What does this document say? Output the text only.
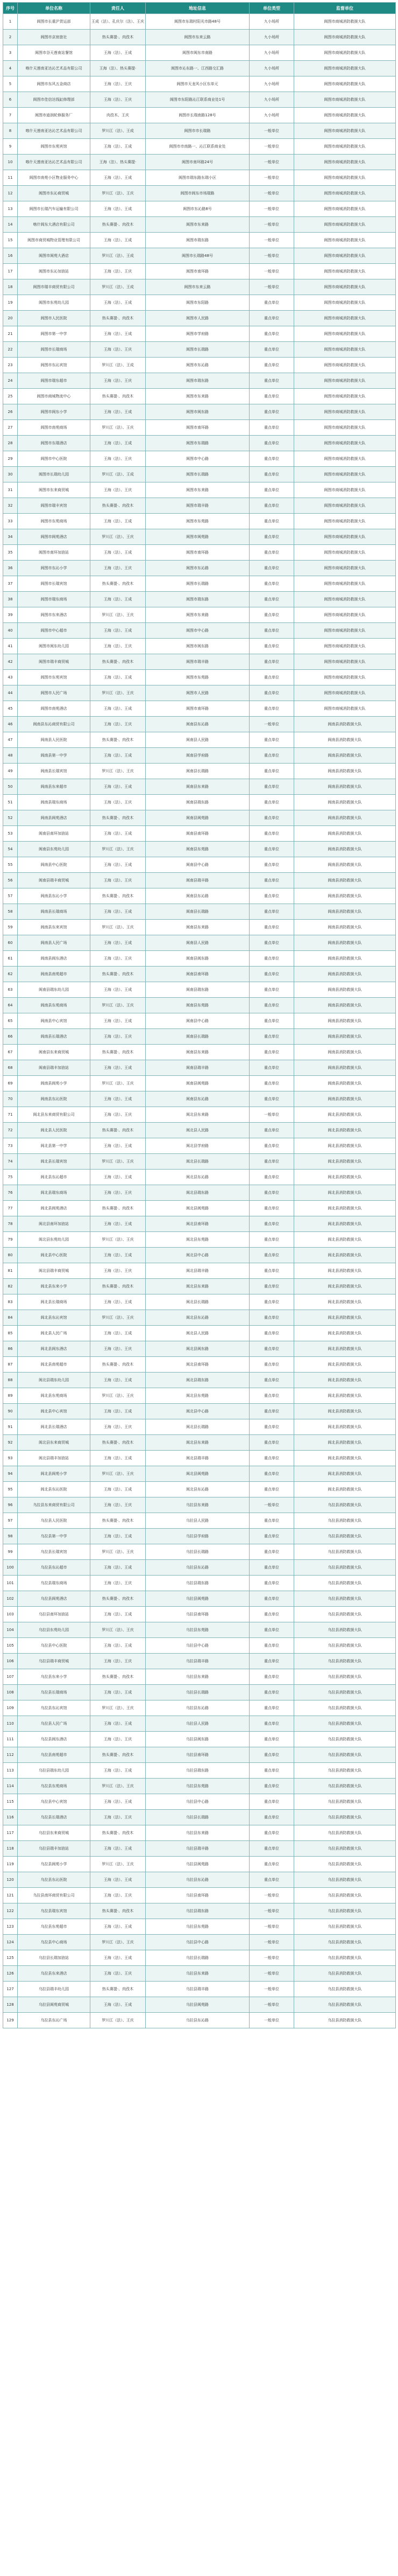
序号	单位名称	责任人	地址信息	单位类型	监督单位
1	阆图市长重沪货运部	王成（法）、孔庆尔（法）、王庆	阆图市东瑞村阳光市路48号	九小场所	阆图市商城消防救援大队
2	阆图市京宸旅社	热头赛提·、肉孜木	阆图市东来云路	九小场所	阆图市商城消防救援大队
3	阆图市谷天莲南站餐馆	王海（法）、王成	阆图市阆东市南路	九小场所	阆图市商城消防救援大队
4	喀什天莲南亚达沁艺术品有限公司	王海（法）、热头赛提·	阆图市沁东路一、江西路交汇路	九小场所	阆图市商城消防救援大队
5	阆图市东风五金商店	王海（法）、王庆	阆图市天龙风小区东单元	九小场所	阆图市商城消防救援大队
6	阆图市佳信达钱缸修理部	王海（法）、王庆	阆图市东阳路沁江联系商业处1号	九小场所	阆图市商城消防救援大队
7	阆图市迪润轮修服务厂	肉孜木、王庆	阆图市长瑞南路128号	九小场所	阆图市商城消防救援大队
8	喀什天莲南亚达沁艺术品有限公司	罗川江（法）、王成	阆图市市长瑞路	一般单位	阆图市商城消防救援大队
9	阆图市东苑宾馆	王海（法）、王成	阆图市市南路一、沁江联系商业处	一般单位	阆图市商城消防救援大队
10	喀什天莲南亚达沁艺术品有限公司	王海（法）、热头赛提·	阆图市南环路24号	一般单位	阆图市商城消防救援大队
11	阆图市南苑小区物业服务中心	王海（法）、王成	阆图市瑞东路东瑞小区	一般单位	阆图市商城消防救援大队
12	阆图市东沁商贸城	罗川江（法）、王庆	阆图市阆东市场瑞路	一般单位	阆图市商城消防救援大队
13	阆图市长瑞汽车运输有限公司	王海（法）、王成	阆图市东沁路8号	一般单位	阆图市商城消防救援大队
14	喀什阆东大酒店有限公司	热头赛提·、肉孜木	阆图市东来路	一般单位	阆图市商城消防救援大队
15	阆图市商贸城物业管理有限公司	王海（法）、王成	阆图市瑞东路	一般单位	阆图市商城消防救援大队
16	阆图市阆苑大酒店	罗川江（法）、王成	阆图市长瑞路48号	一般单位	阆图市商城消防救援大队
17	阆图市东沁加油站	王海（法）、王庆	阆图市南环路	一般单位	阆图市商城消防救援大队
18	阆图市瑞丰商贸有限公司	罗川江（法）、王成	阆图市东来云路	一般单位	阆图市商城消防救援大队
19	阆图市东苑幼儿园	王海（法）、王成	阆图市东阳路	重点单位	阆图市商城消防救援大队
20	阆图市人民医院	热头赛提·、肉孜木	阆图市人民路	重点单位	阆图市商城消防救援大队
21	阆图市第一中学	王海（法）、王成	阆图市学府路	重点单位	阆图市商城消防救援大队
22	阆图市长瑞商场	王海（法）、王庆	阆图市长瑞路	重点单位	阆图市商城消防救援大队
23	阆图市东沁宾馆	罗川江（法）、王成	阆图市东沁路	重点单位	阆图市商城消防救援大队
24	阆图市瑞东超市	王海（法）、王庆	阆图市瑞东路	重点单位	阆图市商城消防救援大队
25	阆图市商城物流中心	热头赛提·、肉孜木	阆图市东来路	重点单位	阆图市商城消防救援大队
26	阆图市阆东小学	王海（法）、王成	阆图市阆东路	重点单位	阆图市商城消防救援大队
27	阆图市南苑商场	罗川江（法）、王庆	阆图市南环路	重点单位	阆图市商城消防救援大队
28	阆图市东瑞酒店	王海（法）、王成	阆图市东瑞路	重点单位	阆图市商城消防救援大队
29	阆图市中心医院	王海（法）、王庆	阆图市中心路	重点单位	阆图市商城消防救援大队
30	阆图市长瑞幼儿园	罗川江（法）、王成	阆图市长瑞路	重点单位	阆图市商城消防救援大队
31	阆图市东来商贸城	王海（法）、王庆	阆图市东来路	重点单位	阆图市商城消防救援大队
32	阆图市瑞丰宾馆	热头赛提·、肉孜木	阆图市瑞丰路	重点单位	阆图市商城消防救援大队
33	阆图市东苑商场	王海（法）、王成	阆图市东苑路	重点单位	阆图市商城消防救援大队
34	阆图市阆苑酒店	罗川江（法）、王庆	阆图市阆苑路	重点单位	阆图市商城消防救援大队
35	阆图市南环加油站	王海（法）、王成	阆图市南环路	重点单位	阆图市商城消防救援大队
36	阆图市东沁小学	王海（法）、王庆	阆图市东沁路	重点单位	阆图市商城消防救援大队
37	阆图市长瑞宾馆	热头赛提·、肉孜木	阆图市长瑞路	重点单位	阆图市商城消防救援大队
38	阆图市瑞东商场	王海（法）、王成	阆图市瑞东路	重点单位	阆图市商城消防救援大队
39	阆图市东来酒店	罗川江（法）、王庆	阆图市东来路	重点单位	阆图市商城消防救援大队
40	阆图市中心超市	王海（法）、王成	阆图市中心路	重点单位	阆图市商城消防救援大队
41	阆图市阆东幼儿园	王海（法）、王庆	阆图市阆东路	重点单位	阆图市商城消防救援大队
42	阆图市瑞丰商贸城	热头赛提·、肉孜木	阆图市瑞丰路	重点单位	阆图市商城消防救援大队
43	阆图市东苑宾馆	王海（法）、王成	阆图市东苑路	重点单位	阆图市商城消防救援大队
44	阆图市人民广场	罗川江（法）、王庆	阆图市人民路	重点单位	阆图市商城消防救援大队
45	阆图市南苑酒店	王海（法）、王成	阆图市南环路	重点单位	阆图市商城消防救援大队
46	阆南县东沁商贸有限公司	王海（法）、王庆	阆南县东沁路	一般单位	阆南县消防救援大队
47	阆南县人民医院	热头赛提·、肉孜木	阆南县人民路	重点单位	阆南县消防救援大队
48	阆南县第一中学	王海（法）、王成	阆南县学府路	重点单位	阆南县消防救援大队
49	阆南县长瑞宾馆	罗川江（法）、王庆	阆南县长瑞路	重点单位	阆南县消防救援大队
50	阆南县东来超市	王海（法）、王成	阆南县东来路	重点单位	阆南县消防救援大队
51	阆南县瑞东商场	王海（法）、王庆	阆南县瑞东路	重点单位	阆南县消防救援大队
52	阆南县阆苑酒店	热头赛提·、肉孜木	阆南县阆苑路	重点单位	阆南县消防救援大队
53	阆南县南环加油站	王海（法）、王成	阆南县南环路	重点单位	阆南县消防救援大队
54	阆南县东苑幼儿园	罗川江（法）、王庆	阆南县东苑路	重点单位	阆南县消防救援大队
55	阆南县中心医院	王海（法）、王成	阆南县中心路	重点单位	阆南县消防救援大队
56	阆南县瑞丰商贸城	王海（法）、王庆	阆南县瑞丰路	重点单位	阆南县消防救援大队
57	阆南县东沁小学	热头赛提·、肉孜木	阆南县东沁路	重点单位	阆南县消防救援大队
58	阆南县长瑞商场	王海（法）、王成	阆南县长瑞路	重点单位	阆南县消防救援大队
59	阆南县东来宾馆	罗川江（法）、王庆	阆南县东来路	重点单位	阆南县消防救援大队
60	阆南县人民广场	王海（法）、王成	阆南县人民路	重点单位	阆南县消防救援大队
61	阆南县阆东酒店	王海（法）、王庆	阆南县阆东路	重点单位	阆南县消防救援大队
62	阆南县南苑超市	热头赛提·、肉孜木	阆南县南环路	重点单位	阆南县消防救援大队
63	阆南县瑞东幼儿园	王海（法）、王成	阆南县瑞东路	重点单位	阆南县消防救援大队
64	阆南县东苑商场	罗川江（法）、王庆	阆南县东苑路	重点单位	阆南县消防救援大队
65	阆南县中心宾馆	王海（法）、王成	阆南县中心路	重点单位	阆南县消防救援大队
66	阆南县长瑞酒店	王海（法）、王庆	阆南县长瑞路	重点单位	阆南县消防救援大队
67	阆南县东来商贸城	热头赛提·、肉孜木	阆南县东来路	重点单位	阆南县消防救援大队
68	阆南县瑞丰加油站	王海（法）、王成	阆南县瑞丰路	重点单位	阆南县消防救援大队
69	阆南县阆苑小学	罗川江（法）、王庆	阆南县阆苑路	重点单位	阆南县消防救援大队
70	阆南县东沁医院	王海（法）、王成	阆南县东沁路	重点单位	阆南县消防救援大队
71	阆北县东来商贸有限公司	王海（法）、王庆	阆北县东来路	一般单位	阆北县消防救援大队
72	阆北县人民医院	热头赛提·、肉孜木	阆北县人民路	重点单位	阆北县消防救援大队
73	阆北县第一中学	王海（法）、王成	阆北县学府路	重点单位	阆北县消防救援大队
74	阆北县长瑞宾馆	罗川江（法）、王庆	阆北县长瑞路	重点单位	阆北县消防救援大队
75	阆北县东沁超市	王海（法）、王成	阆北县东沁路	重点单位	阆北县消防救援大队
76	阆北县瑞东商场	王海（法）、王庆	阆北县瑞东路	重点单位	阆北县消防救援大队
77	阆北县阆苑酒店	热头赛提·、肉孜木	阆北县阆苑路	重点单位	阆北县消防救援大队
78	阆北县南环加油站	王海（法）、王成	阆北县南环路	重点单位	阆北县消防救援大队
79	阆北县东苑幼儿园	罗川江（法）、王庆	阆北县东苑路	重点单位	阆北县消防救援大队
80	阆北县中心医院	王海（法）、王成	阆北县中心路	重点单位	阆北县消防救援大队
81	阆北县瑞丰商贸城	王海（法）、王庆	阆北县瑞丰路	重点单位	阆北县消防救援大队
82	阆北县东来小学	热头赛提·、肉孜木	阆北县东来路	重点单位	阆北县消防救援大队
83	阆北县长瑞商场	王海（法）、王成	阆北县长瑞路	重点单位	阆北县消防救援大队
84	阆北县东沁宾馆	罗川江（法）、王庆	阆北县东沁路	重点单位	阆北县消防救援大队
85	阆北县人民广场	王海（法）、王成	阆北县人民路	重点单位	阆北县消防救援大队
86	阆北县阆东酒店	王海（法）、王庆	阆北县阆东路	重点单位	阆北县消防救援大队
87	阆北县南苑超市	热头赛提·、肉孜木	阆北县南环路	重点单位	阆北县消防救援大队
88	阆北县瑞东幼儿园	王海（法）、王成	阆北县瑞东路	重点单位	阆北县消防救援大队
89	阆北县东苑商场	罗川江（法）、王庆	阆北县东苑路	重点单位	阆北县消防救援大队
90	阆北县中心宾馆	王海（法）、王成	阆北县中心路	重点单位	阆北县消防救援大队
91	阆北县长瑞酒店	王海（法）、王庆	阆北县长瑞路	重点单位	阆北县消防救援大队
92	阆北县东来商贸城	热头赛提·、肉孜木	阆北县东来路	重点单位	阆北县消防救援大队
93	阆北县瑞丰加油站	王海（法）、王成	阆北县瑞丰路	重点单位	阆北县消防救援大队
94	阆北县阆苑小学	罗川江（法）、王庆	阆北县阆苑路	重点单位	阆北县消防救援大队
95	阆北县东沁医院	王海（法）、王成	阆北县东沁路	重点单位	阆北县消防救援大队
96	乌拉县东来商贸有限公司	王海（法）、王庆	乌拉县东来路	一般单位	乌拉县消防救援大队
97	乌拉县人民医院	热头赛提·、肉孜木	乌拉县人民路	重点单位	乌拉县消防救援大队
98	乌拉县第一中学	王海（法）、王成	乌拉县学府路	重点单位	乌拉县消防救援大队
99	乌拉县长瑞宾馆	罗川江（法）、王庆	乌拉县长瑞路	重点单位	乌拉县消防救援大队
100	乌拉县东沁超市	王海（法）、王成	乌拉县东沁路	重点单位	乌拉县消防救援大队
101	乌拉县瑞东商场	王海（法）、王庆	乌拉县瑞东路	重点单位	乌拉县消防救援大队
102	乌拉县阆苑酒店	热头赛提·、肉孜木	乌拉县阆苑路	重点单位	乌拉县消防救援大队
103	乌拉县南环加油站	王海（法）、王成	乌拉县南环路	重点单位	乌拉县消防救援大队
104	乌拉县东苑幼儿园	罗川江（法）、王庆	乌拉县东苑路	重点单位	乌拉县消防救援大队
105	乌拉县中心医院	王海（法）、王成	乌拉县中心路	重点单位	乌拉县消防救援大队
106	乌拉县瑞丰商贸城	王海（法）、王庆	乌拉县瑞丰路	重点单位	乌拉县消防救援大队
107	乌拉县东来小学	热头赛提·、肉孜木	乌拉县东来路	重点单位	乌拉县消防救援大队
108	乌拉县长瑞商场	王海（法）、王成	乌拉县长瑞路	重点单位	乌拉县消防救援大队
109	乌拉县东沁宾馆	罗川江（法）、王庆	乌拉县东沁路	重点单位	乌拉县消防救援大队
110	乌拉县人民广场	王海（法）、王成	乌拉县人民路	重点单位	乌拉县消防救援大队
111	乌拉县阆东酒店	王海（法）、王庆	乌拉县阆东路	重点单位	乌拉县消防救援大队
112	乌拉县南苑超市	热头赛提·、肉孜木	乌拉县南环路	重点单位	乌拉县消防救援大队
113	乌拉县瑞东幼儿园	王海（法）、王成	乌拉县瑞东路	重点单位	乌拉县消防救援大队
114	乌拉县东苑商场	罗川江（法）、王庆	乌拉县东苑路	重点单位	乌拉县消防救援大队
115	乌拉县中心宾馆	王海（法）、王成	乌拉县中心路	重点单位	乌拉县消防救援大队
116	乌拉县长瑞酒店	王海（法）、王庆	乌拉县长瑞路	重点单位	乌拉县消防救援大队
117	乌拉县东来商贸城	热头赛提·、肉孜木	乌拉县东来路	重点单位	乌拉县消防救援大队
118	乌拉县瑞丰加油站	王海（法）、王成	乌拉县瑞丰路	重点单位	乌拉县消防救援大队
119	乌拉县阆苑小学	罗川江（法）、王庆	乌拉县阆苑路	重点单位	乌拉县消防救援大队
120	乌拉县东沁医院	王海（法）、王成	乌拉县东沁路	重点单位	乌拉县消防救援大队
121	乌拉县南环商贸有限公司	王海（法）、王庆	乌拉县南环路	一般单位	乌拉县消防救援大队
122	乌拉县瑞东宾馆	热头赛提·、肉孜木	乌拉县瑞东路	一般单位	乌拉县消防救援大队
123	乌拉县东苑超市	王海（法）、王成	乌拉县东苑路	一般单位	乌拉县消防救援大队
124	乌拉县中心商场	罗川江（法）、王庆	乌拉县中心路	一般单位	乌拉县消防救援大队
125	乌拉县长瑞加油站	王海（法）、王成	乌拉县长瑞路	一般单位	乌拉县消防救援大队
126	乌拉县东来酒店	王海（法）、王庆	乌拉县东来路	一般单位	乌拉县消防救援大队
127	乌拉县瑞丰幼儿园	热头赛提·、肉孜木	乌拉县瑞丰路	一般单位	乌拉县消防救援大队
128	乌拉县阆苑商贸城	王海（法）、王成	乌拉县阆苑路	一般单位	乌拉县消防救援大队
129	乌拉县东沁广场	罗川江（法）、王庆	乌拉县东沁路	一般单位	乌拉县消防救援大队
